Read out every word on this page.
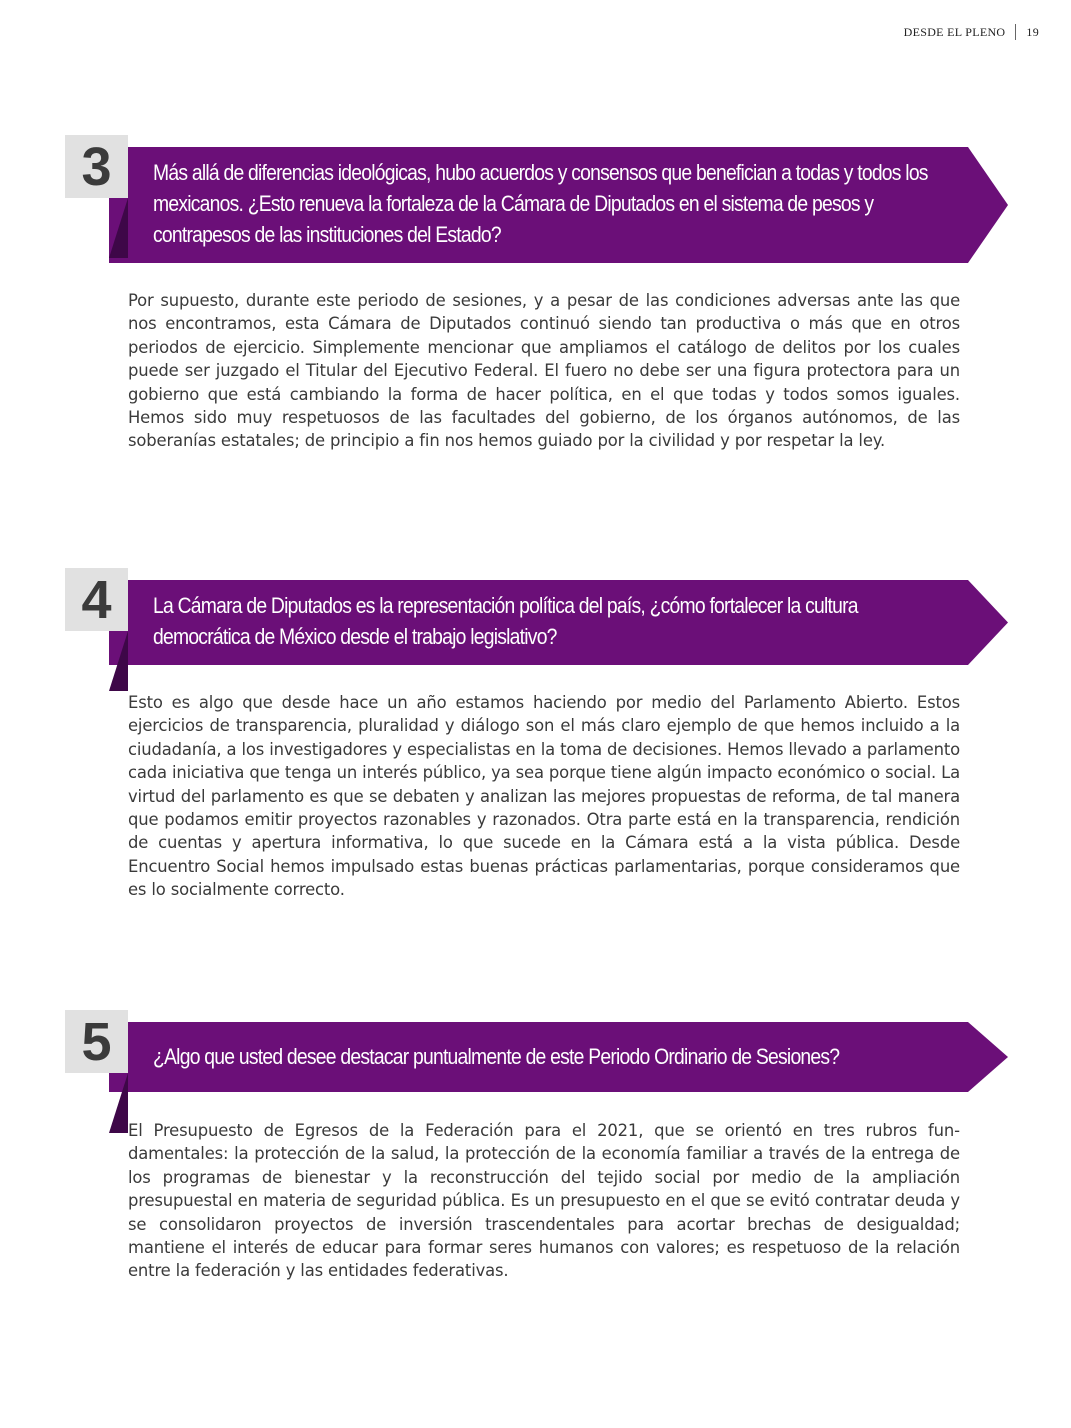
DESDE EL PLENO 19
3	Más allá de diferencias ideológicas, hubo acuerdos y consensos que benefician a todas y todos los mexicanos. ¿Esto renueva la fortaleza de la Cámara de Diputados en el sistema de pesos y contrapesos de las instituciones del Estado?

Por supuesto, durante este periodo de sesiones, y a pesar de las condiciones adversas ante las que nos encontramos, esta Cámara de Diputados continuó siendo tan productiva o más que en otros periodos de ejercicio. Simplemente mencionar que ampliamos el catálogo de delitos por los cuales puede ser juzgado el Titular del Ejecutivo Federal. El fuero no debe ser una figura protectora para un gobierno que está cambiando la forma de hacer política, en el que todas y todos somos iguales. Hemos sido muy respetuosos de las facultades del gobierno, de los órganos autónomos, de las soberanías estatales; de principio a fin nos hemos guiado por la civilidad y por respetar la ley.

4	La Cámara de Diputados es la representación política del país, ¿cómo fortalecer la cultura democrática de México desde el trabajo legislativo?

Esto es algo que desde hace un año estamos haciendo por medio del Parlamento Abierto. Estos ejercicios de transparencia, pluralidad y diálogo son el más claro ejemplo de que hemos incluido a la ciudadanía, a los investigadores y especialistas en la toma de decisiones. Hemos llevado a parlamento cada iniciativa que tenga un interés público, ya sea porque tiene algún impacto económico o social. La virtud del parlamento es que se debaten y analizan las mejores propuestas de reforma, de tal manera que podamos emitir proyectos razonables y razonados. Otra parte está en la transparencia, rendición de cuentas y apertura informativa, lo que sucede en la Cámara está a la vista pública. Desde Encuentro Social hemos impulsado estas buenas prácticas parlamentarias, porque consideramos que es lo socialmente correcto.

5	¿Algo que usted desee destacar puntualmente de este Periodo Ordinario de Sesiones?

El Presupuesto de Egresos de la Federación para el 2021, que se orientó en tres rubros fundamentales: la protección de la salud, la protección de la economía familiar a través de la entrega de los programas de bienestar y la reconstrucción del tejido social por medio de la ampliación presupuestal en materia de seguridad pública. Es un presupuesto en el que se evitó contratar deuda y se consolidaron proyectos de inversión trascendentales para acortar brechas de desigualdad; mantiene el interés de educar para formar seres humanos con valores; es respetuoso de la relación entre la federación y las entidades federativas.
